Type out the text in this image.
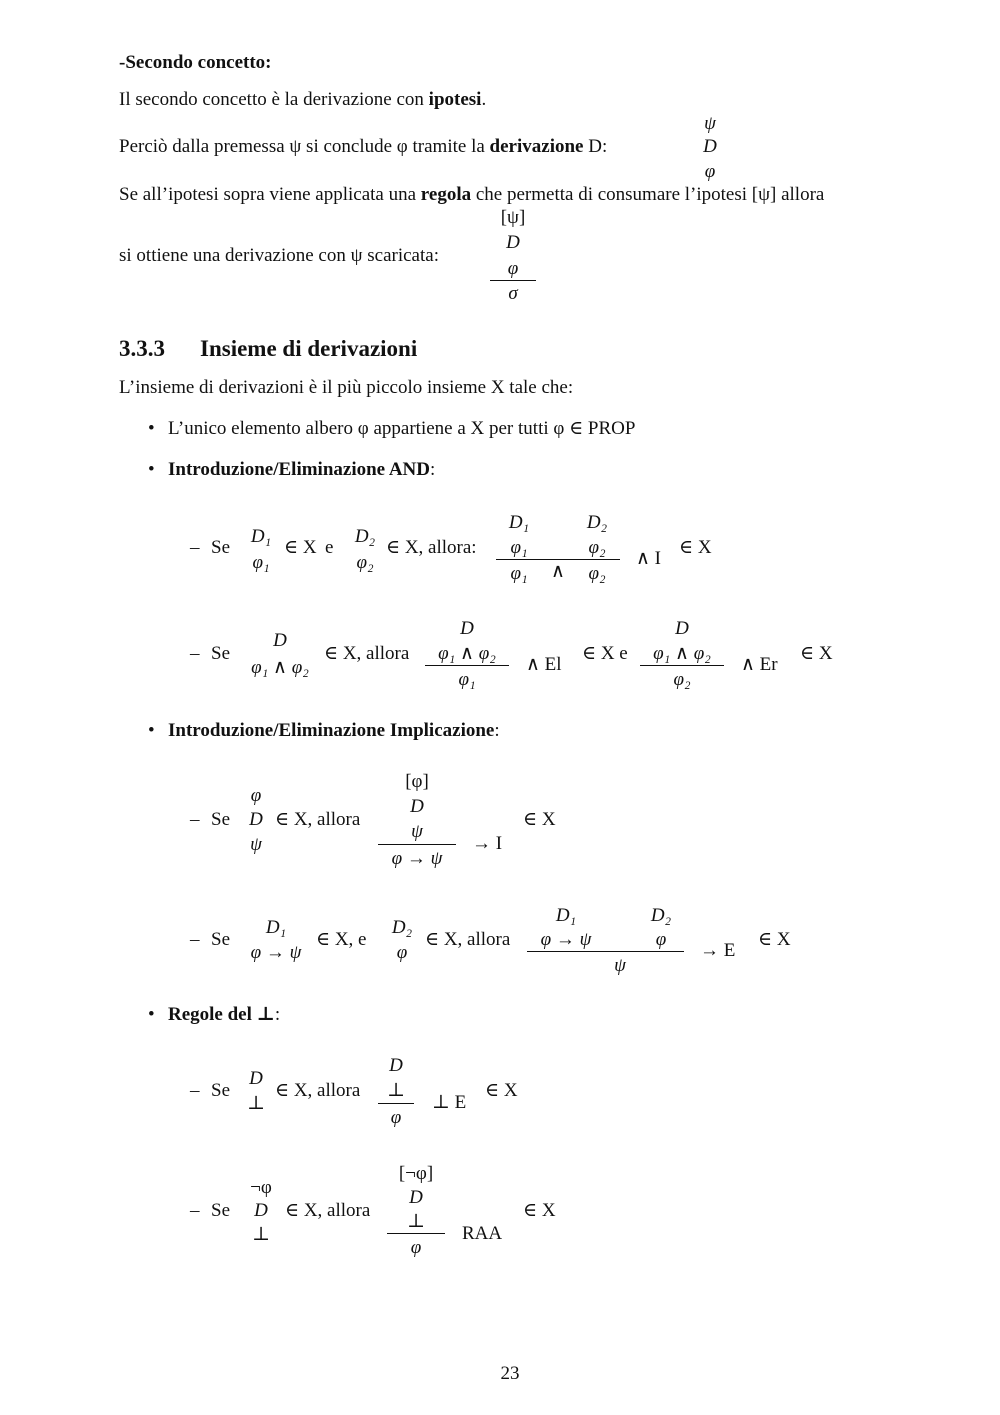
-Secondo concetto:
Il secondo concetto è la derivazione con ipotesi.
Perciò dalla premessa ψ si conclude φ tramite la derivazione D:
ψ
D
φ
Se all’ipotesi sopra viene applicata una regola che permetta di consumare l’ipotesi [ψ] allora
si ottiene una derivazione con ψ scaricata:
[ψ]
D
φ
σ
3.3.3 Insieme di derivazioni
L’insieme di derivazioni è il più piccolo insieme X tale che:
• L’unico elemento albero φ appartiene a X per tutti φ ∈ PROP
• Introduzione/Eliminazione AND:
– Se
D₁
φ₁
∈ X e
D₂
φ₂
∈ X, allora:
D₁	D₂
φ₁	φ₂
φ₁	∧	φ₂
∧ I
∈ X
– Se
D
φ₁ ∧ φ₂
∈ X, allora
D
φ₁ ∧ φ₂
φ₁
∧ El
∈ X e
D
φ₁ ∧ φ₂
φ₂
∧ Er
∈ X
• Introduzione/Eliminazione Implicazione:
– Se
φ
D
ψ
∈ X, allora
[φ]
D
ψ
φ → ψ
→ I
∈ X
– Se
D₁
φ → ψ
∈ X, e
D₂
φ
∈ X, allora
D₁	D₂
φ → ψ	φ
ψ
→ E
∈ X
• Regole del ⊥:
– Se
D
⊥
∈ X, allora
D
⊥
φ
⊥ E
∈ X
– Se
¬φ
D
⊥
∈ X, allora
[¬φ]
D
⊥
φ
RAA
∈ X
23
